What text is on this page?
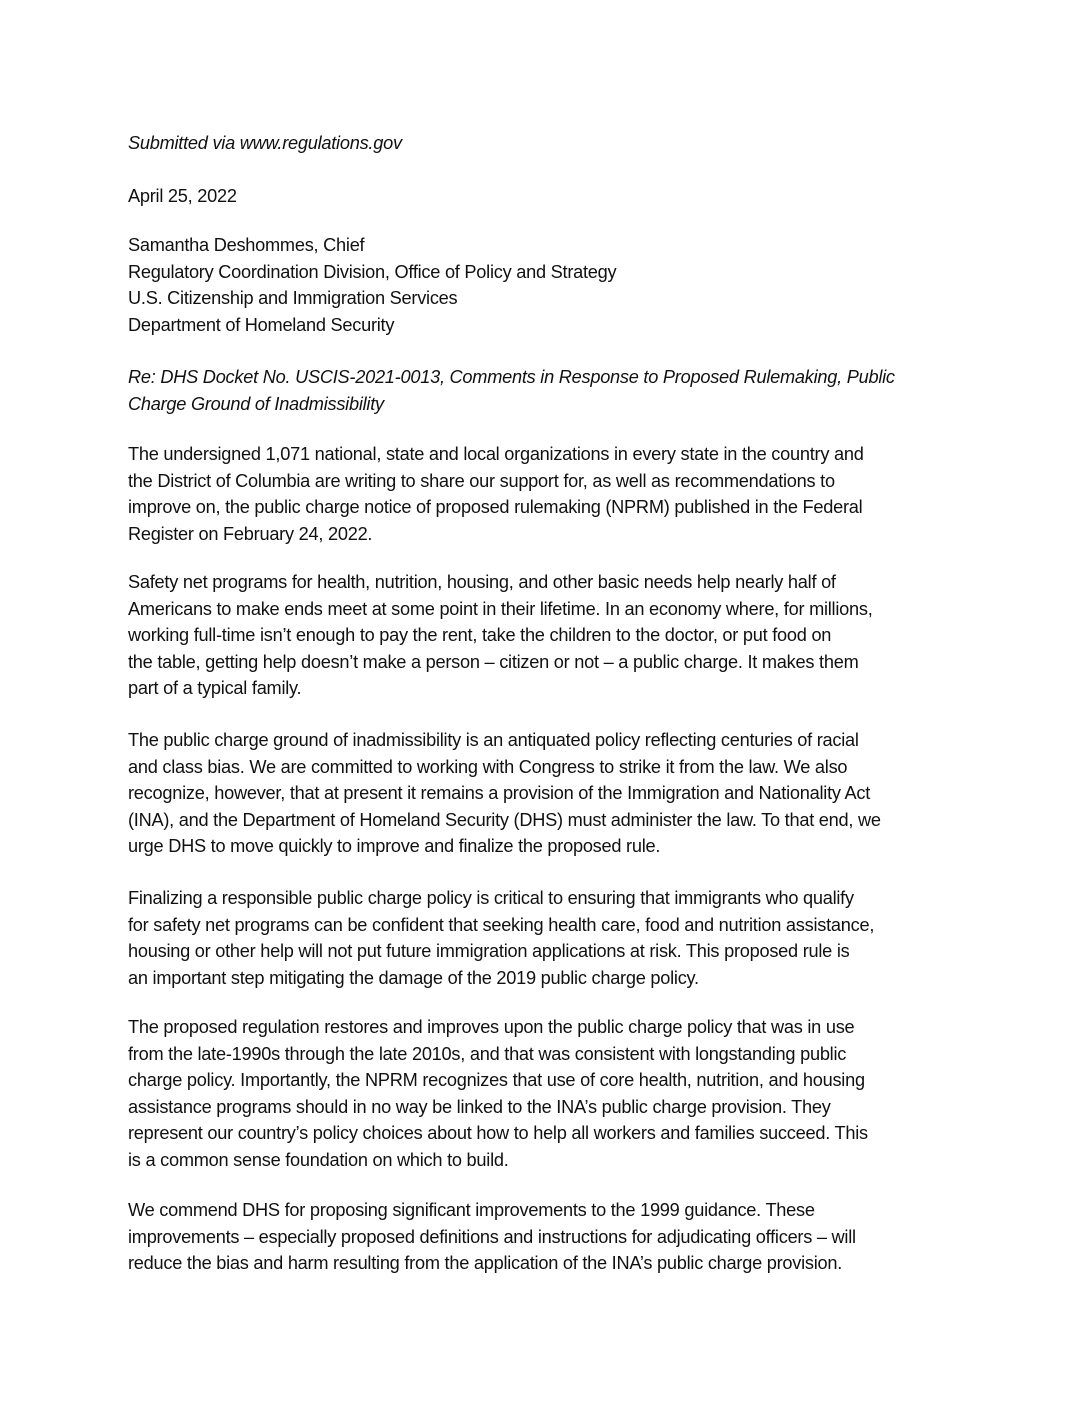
Submitted via www.regulations.gov
April 25, 2022
Samantha Deshommes, Chief
Regulatory Coordination Division, Office of Policy and Strategy
U.S. Citizenship and Immigration Services
Department of Homeland Security
Re: DHS Docket No. USCIS-2021-0013, Comments in Response to Proposed Rulemaking, Public
Charge Ground of Inadmissibility
The undersigned 1,071 national, state and local organizations in every state in the country and
the District of Columbia are writing to share our support for, as well as recommendations to
improve on, the public charge notice of proposed rulemaking (NPRM) published in the Federal
Register on February 24, 2022.
Safety net programs for health, nutrition, housing, and other basic needs help nearly half of
Americans to make ends meet at some point in their lifetime. In an economy where, for millions,
working full-time isn’t enough to pay the rent, take the children to the doctor, or put food on
the table, getting help doesn’t make a person – citizen or not – a public charge. It makes them
part of a typical family.
The public charge ground of inadmissibility is an antiquated policy reflecting centuries of racial
and class bias. We are committed to working with Congress to strike it from the law. We also
recognize, however, that at present it remains a provision of the Immigration and Nationality Act
(INA), and the Department of Homeland Security (DHS) must administer the law. To that end, we
urge DHS to move quickly to improve and finalize the proposed rule.
Finalizing a responsible public charge policy is critical to ensuring that immigrants who qualify
for safety net programs can be confident that seeking health care, food and nutrition assistance,
housing or other help will not put future immigration applications at risk. This proposed rule is
an important step mitigating the damage of the 2019 public charge policy.
The proposed regulation restores and improves upon the public charge policy that was in use
from the late-1990s through the late 2010s, and that was consistent with longstanding public
charge policy. Importantly, the NPRM recognizes that use of core health, nutrition, and housing
assistance programs should in no way be linked to the INA’s public charge provision. They
represent our country’s policy choices about how to help all workers and families succeed. This
is a common sense foundation on which to build.
We commend DHS for proposing significant improvements to the 1999 guidance. These
improvements – especially proposed definitions and instructions for adjudicating officers – will
reduce the bias and harm resulting from the application of the INA’s public charge provision.
